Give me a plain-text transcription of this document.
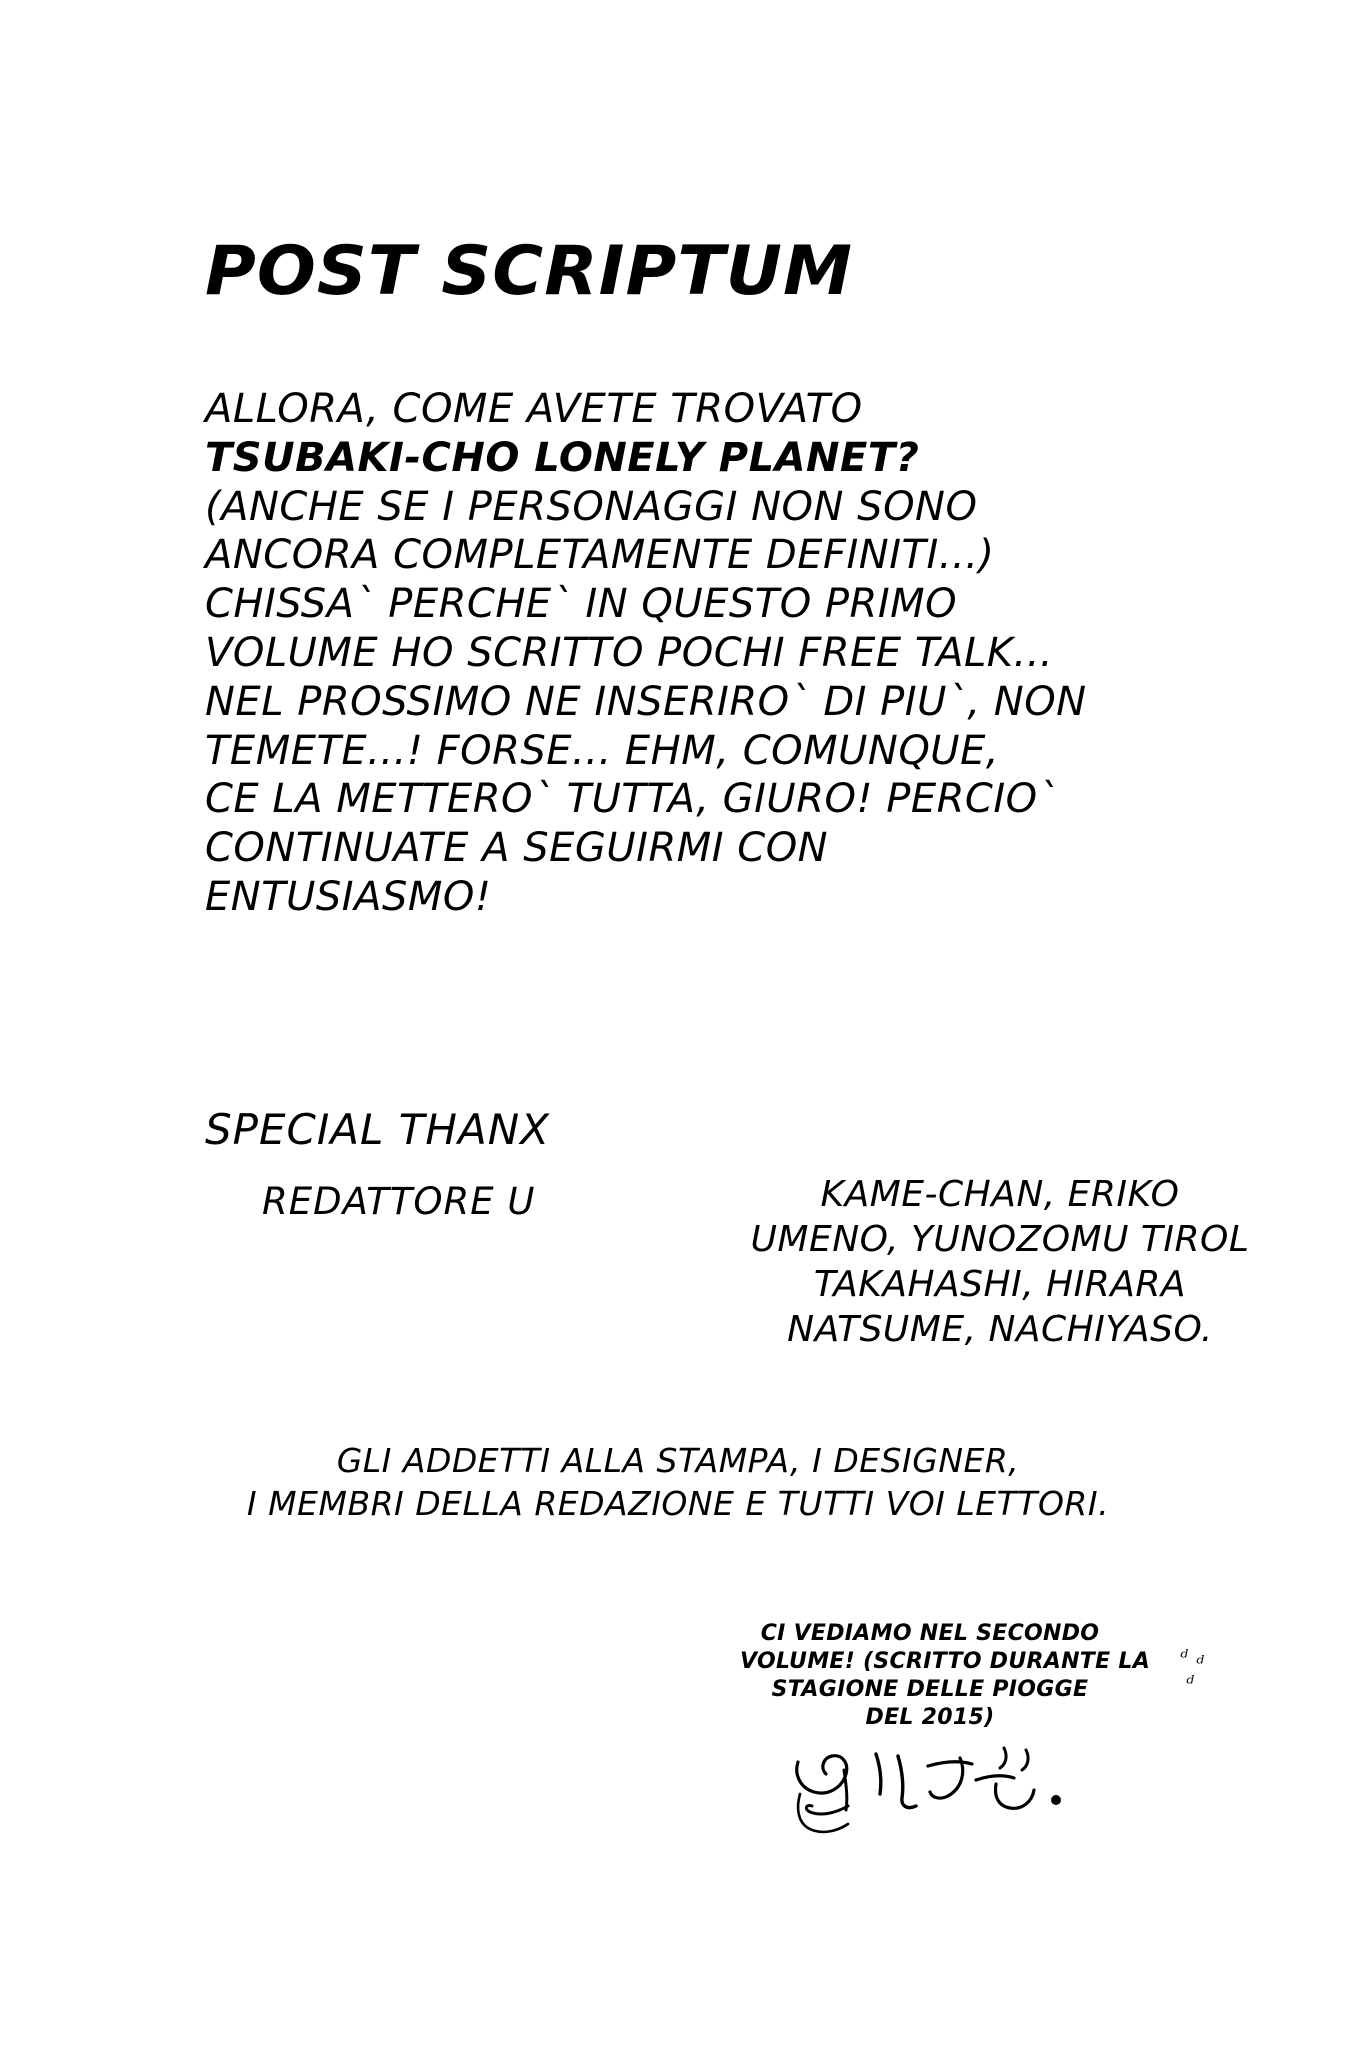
POST SCRIPTUM
ALLORA, COME AVETE TROVATO
TSUBAKI-CHO LONELY PLANET?
(ANCHE SE I PERSONAGGI NON SONO
ANCORA COMPLETAMENTE DEFINITI...)
CHISSA` PERCHE` IN QUESTO PRIMO
VOLUME HO SCRITTO POCHI FREE TALK...
NEL PROSSIMO NE INSERIRO` DI PIU`, NON
TEMETE...! FORSE... EHM, COMUNQUE,
CE LA METTERO` TUTTA, GIURO! PERCIO`
CONTINUATE A SEGUIRMI CON
ENTUSIASMO!
SPECIAL THANX
REDATTORE U	KAME-CHAN, ERIKO
UMENO, YUNOZOMU TIROL
TAKAHASHI, HIRARA
NATSUME, NACHIYASO.
GLI ADDETTI ALLA STAMPA, I DESIGNER,
I MEMBRI DELLA REDAZIONE E TUTTI VOI LETTORI.
CI VEDIAMO NEL SECONDO
VOLUME! (SCRITTO DURANTE LA
STAGIONE DELLE PIOGGE
DEL 2015)
ᵈ ᵈ
ᵈ
